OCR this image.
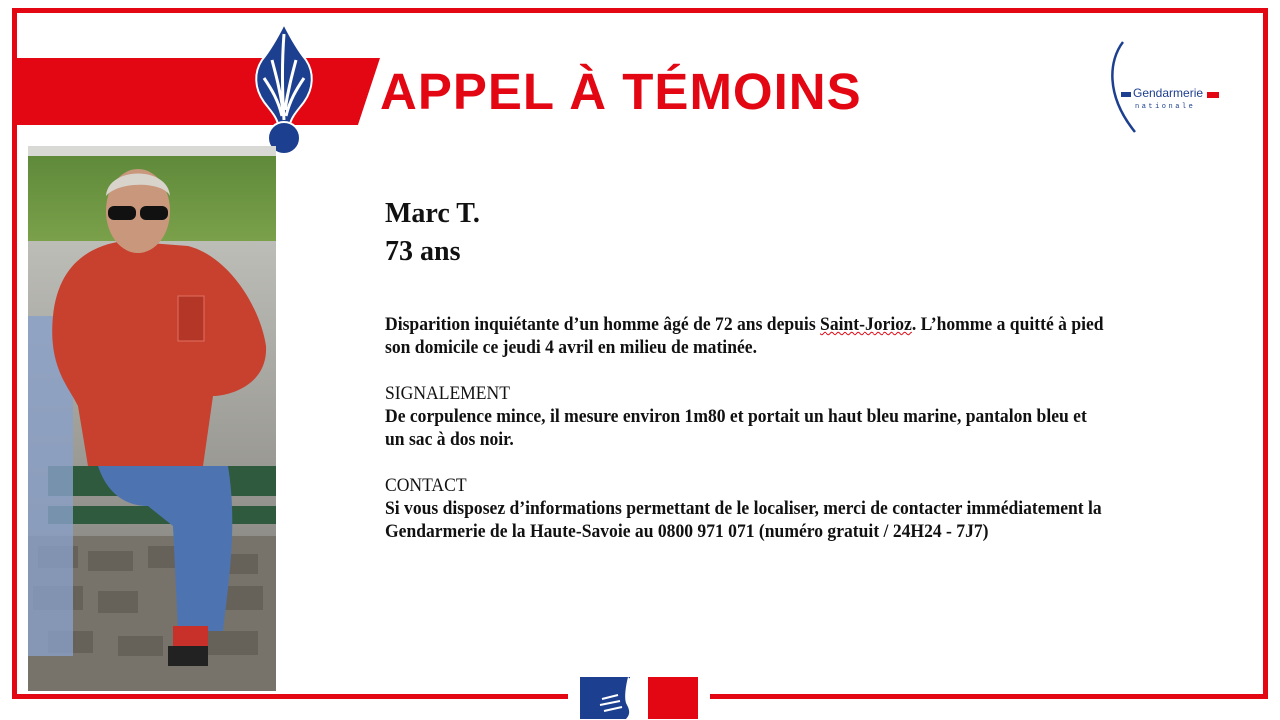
APPEL À TÉMOINS	Gendarmerie
nationale
Marc T.
73 ans

Disparition inquiétante d’un homme âgé de 72 ans depuis Saint-Jorioz. L’homme a quitté à pied
son domicile ce jeudi 4 avril en milieu de matinée.

SIGNALEMENT
De corpulence mince, il mesure environ 1m80 et portait un haut bleu marine, pantalon bleu et
un sac à dos noir.

CONTACT
Si vous disposez d’informations permettant de le localiser, merci de contacter immédiatement la
Gendarmerie de la Haute-Savoie au 0800 971 071 (numéro gratuit / 24H24 - 7J7)
